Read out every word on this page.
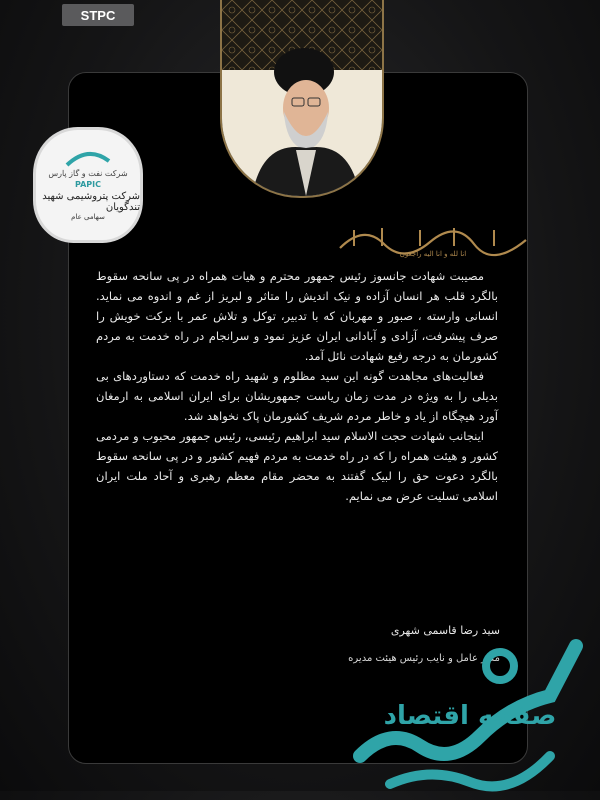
STPC
انا لله و انا الیه راجعون
شرکت نفت و گاز پارس
PAPIC
شرکت پتروشیمی شهید تندگویان
سهامی عام

مصیبت شهادت جانسوز رئیس جمهور محترم و هیات همراه در پی سانحه سقوط بالگرد قلب هر انسان آزاده و نیک اندیش را متاثر و لبریز از غم و اندوه می نماید. انسانی وارسته ، صبور و مهربان که با تدبیر، توکل و تلاش عمر با برکت خویش را صرف پیشرفت، آزادی و آبادانی ایران عزیز نمود و سرانجام در راه خدمت به مردم کشورمان به درجه رفیع شهادت نائل آمد.

فعالیت‌های مجاهدت گونه این سید مظلوم و شهید راه خدمت که دستاوردهای بی بدیلی را به ویژه در مدت زمان ریاست جمهوریشان برای ایران اسلامی به ارمغان آورد هیچگاه از یاد و خاطر مردم شریف کشورمان پاک نخواهد شد.

اینجانب شهادت حجت الاسلام سید ابراهیم رئیسی، رئیس جمهور محبوب و مردمی کشور و هیئت همراه را که در راه خدمت به مردم فهیم کشور و در پی سانحه سقوط بالگرد دعوت حق را لبیک گفتند به محضر مقام معظم رهبری و آحاد ملت ایران اسلامی تسلیت عرض می نمایم.

سید رضا قاسمی شهری
مدیر عامل و نایب رئیس هیئت مدیره
صفحه اقتصاد
